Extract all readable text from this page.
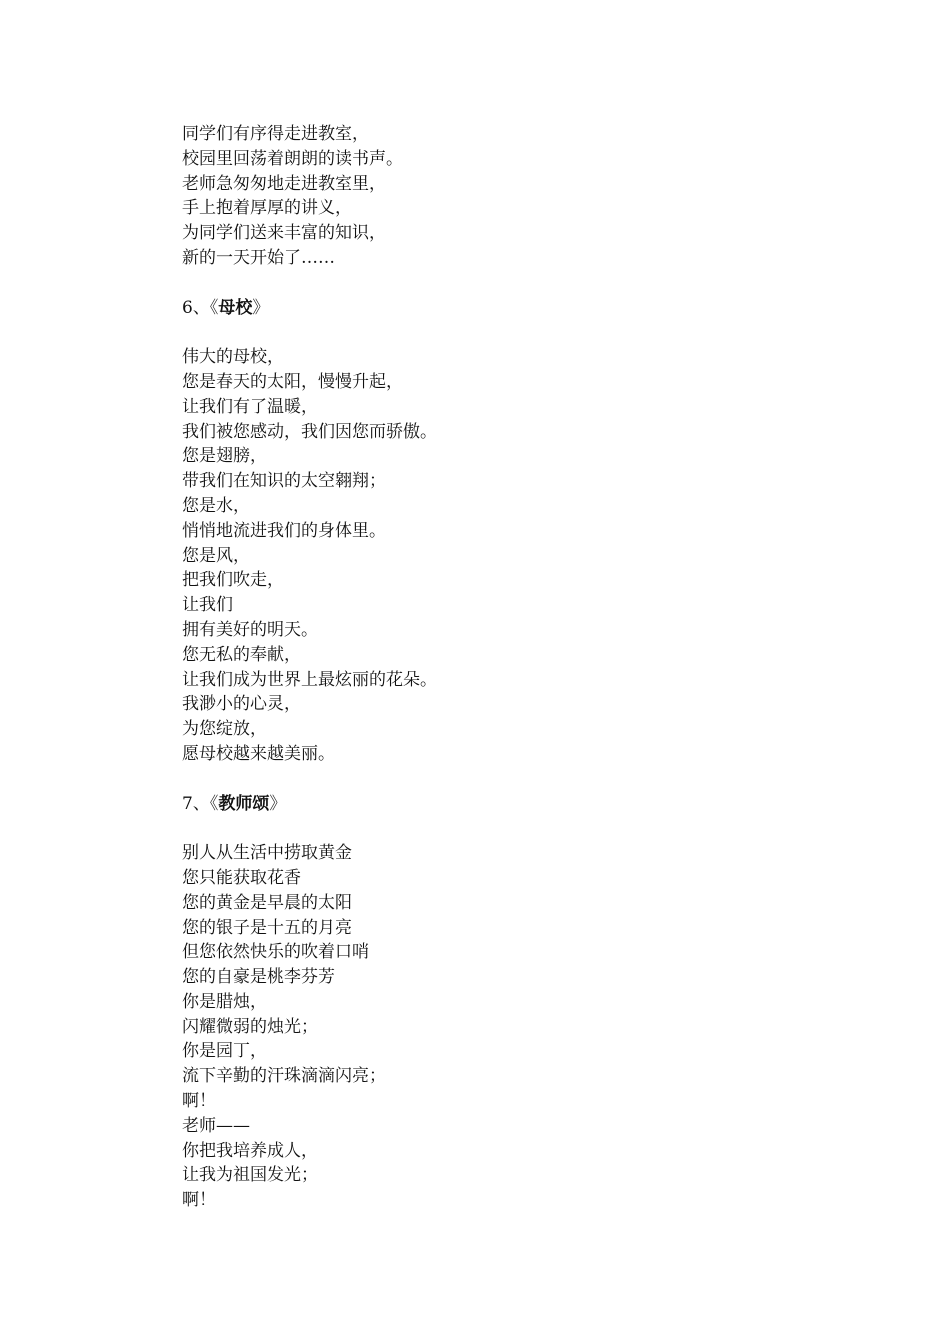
同学们有序得走进教室，
校园里回荡着朗朗的读书声。
老师急匆匆地走进教室里，
手上抱着厚厚的讲义，
为同学们送来丰富的知识，
新的一天开始了……
6、《母校》
伟大的母校，
您是春天的太阳，慢慢升起，
让我们有了温暖，
我们被您感动，我们因您而骄傲。
您是翅膀，
带我们在知识的太空翱翔；
您是水，
悄悄地流进我们的身体里。
您是风，
把我们吹走，
让我们
拥有美好的明天。
您无私的奉献，
让我们成为世界上最炫丽的花朵。
我渺小的心灵，
为您绽放，
愿母校越来越美丽。
7、《教师颂》
别人从生活中捞取黄金
您只能获取花香
您的黄金是早晨的太阳
您的银子是十五的月亮
但您依然快乐的吹着口哨
您的自豪是桃李芬芳
你是腊烛，
闪耀微弱的烛光；
你是园丁，
流下辛勤的汗珠滴滴闪亮；
啊！
老师——
你把我培养成人，
让我为祖国发光；
啊！
